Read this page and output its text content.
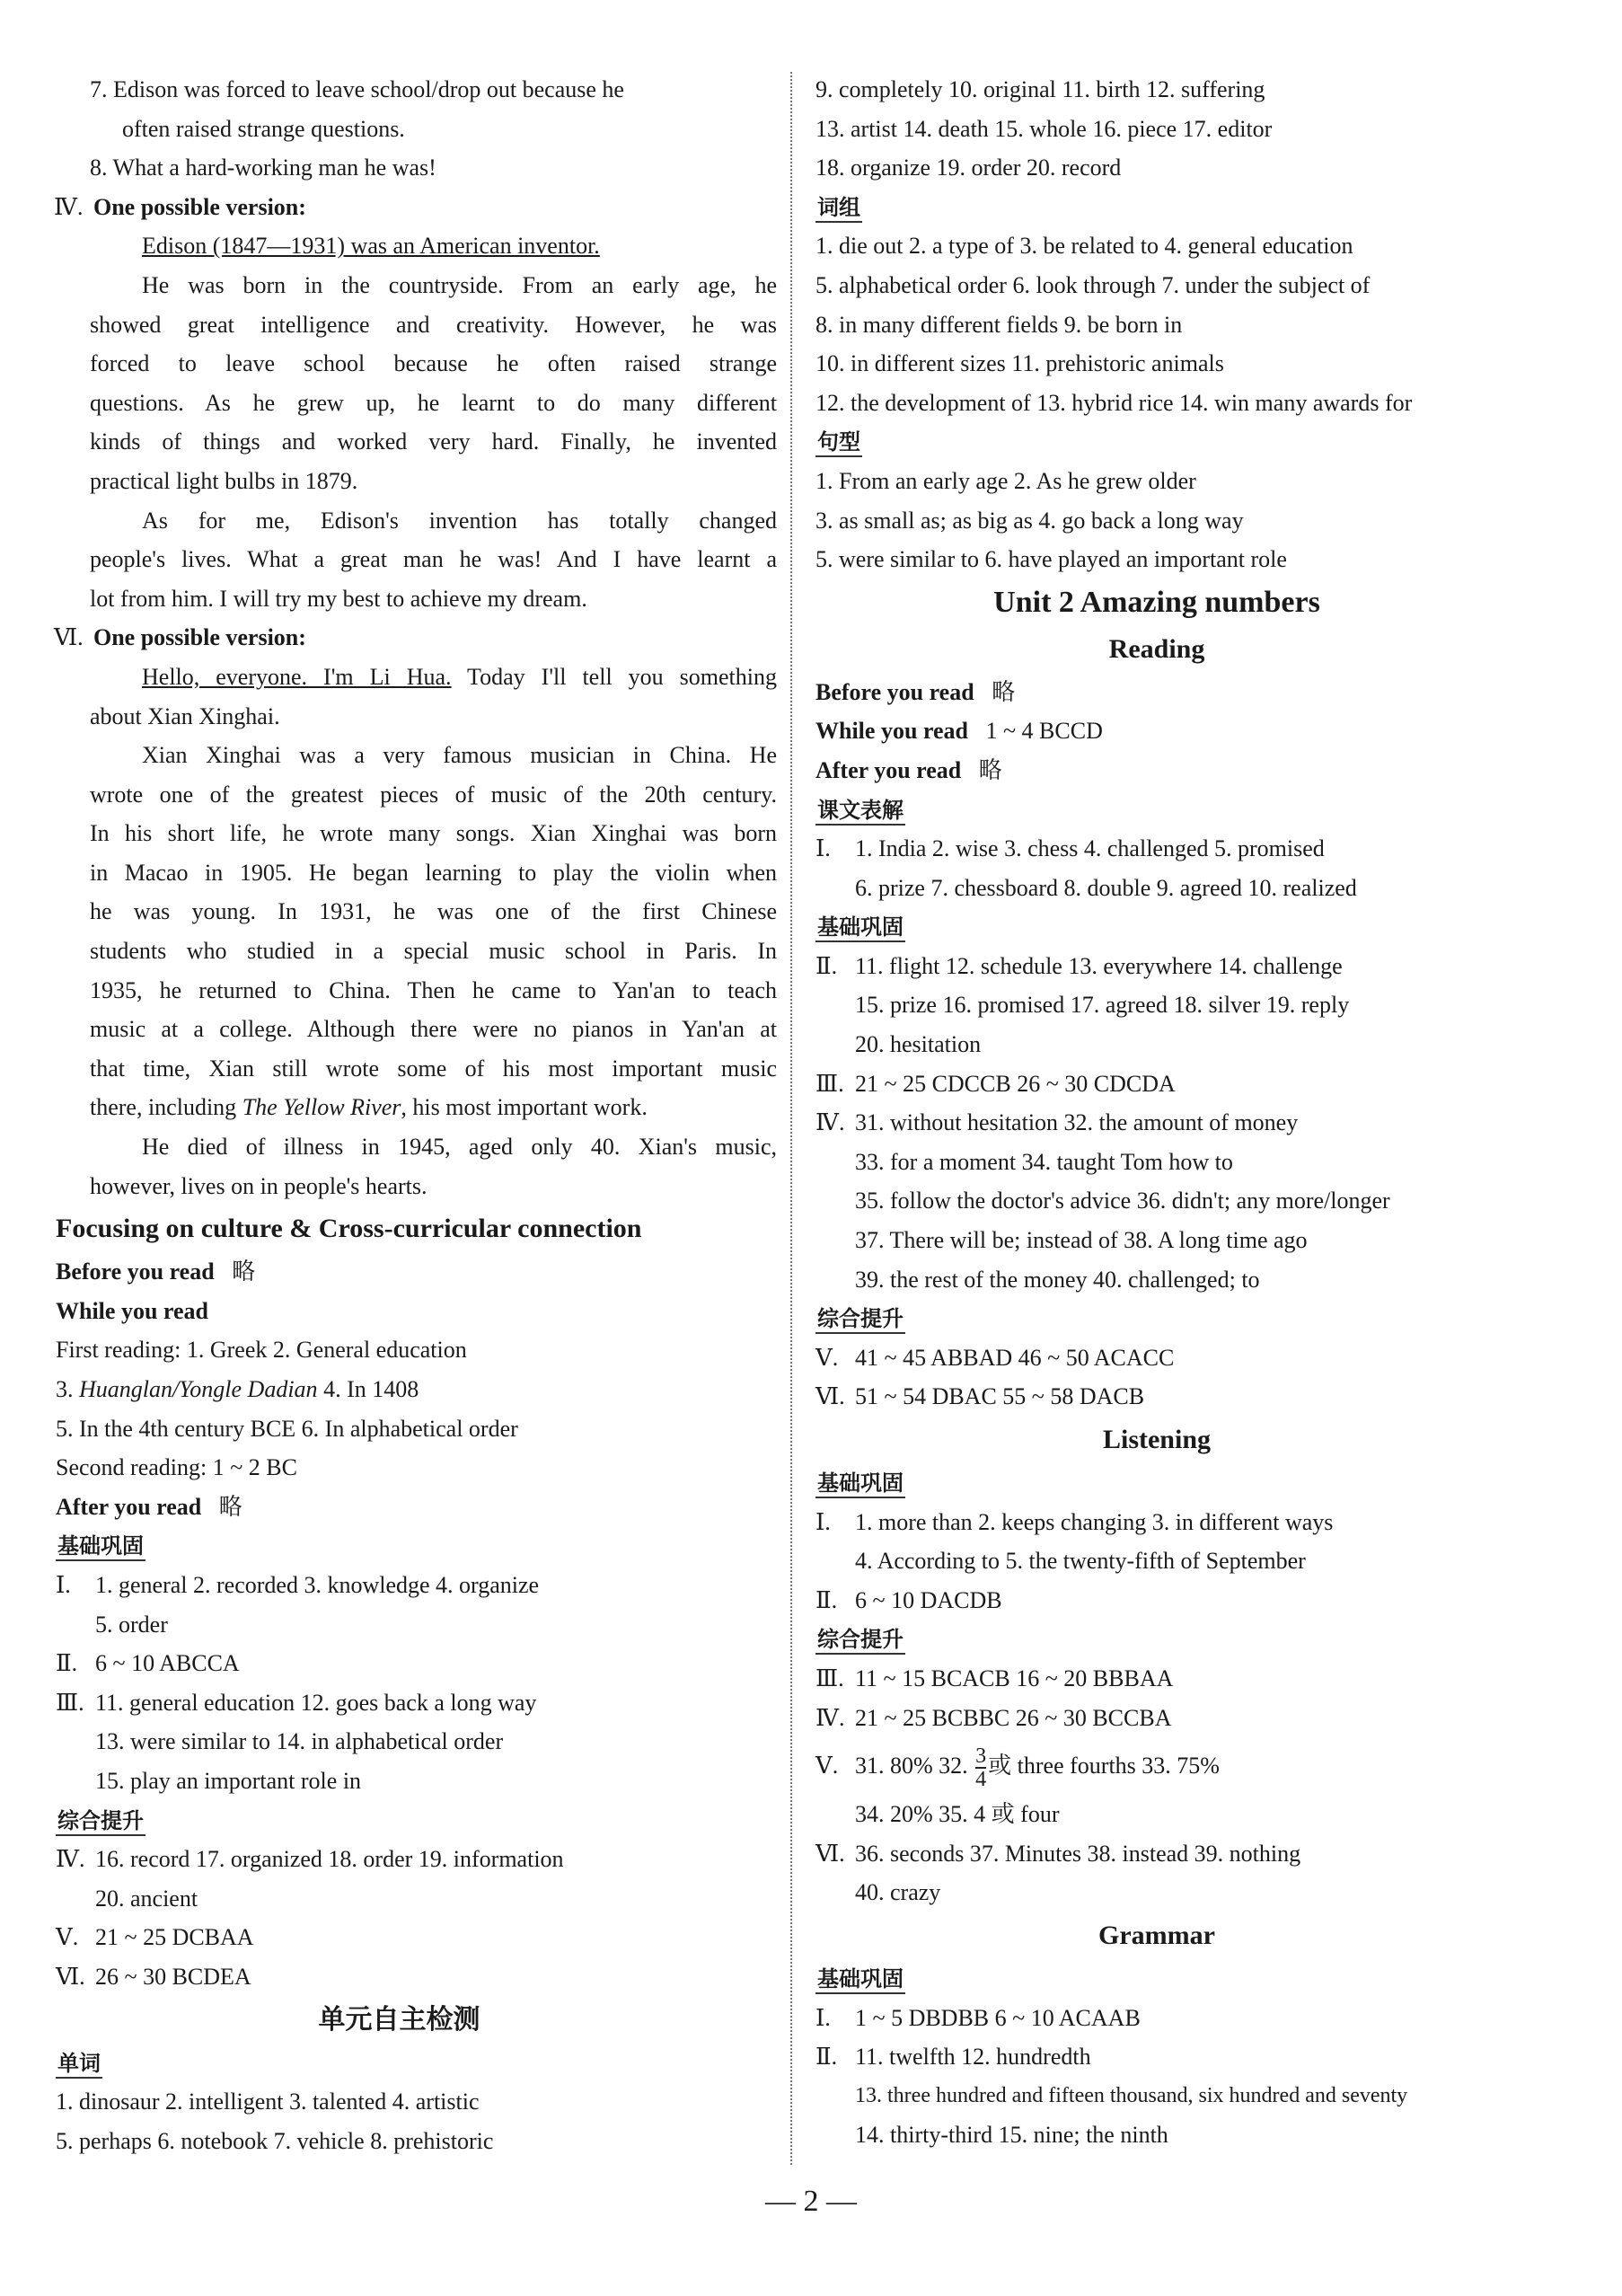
7. Edison was forced to leave school/drop out because he
often raised strange questions.
8. What a hard-working man he was!
Ⅳ. One possible version:
Edison (1847—1931) was an American inventor.
He was born in the countryside. From an early age, he
showed great intelligence and creativity. However, he was
forced to leave school because he often raised strange
questions. As he grew up, he learnt to do many different
kinds of things and worked very hard. Finally, he invented
practical light bulbs in 1879.
As for me, Edison's invention has totally changed
people's lives. What a great man he was! And I have learnt a
lot from him. I will try my best to achieve my dream.
Ⅵ. One possible version:
Hello, everyone. I'm Li Hua. Today I'll tell you something
about Xian Xinghai.
Xian Xinghai was a very famous musician in China. He
wrote one of the greatest pieces of music of the 20th century.
In his short life, he wrote many songs. Xian Xinghai was born
in Macao in 1905. He began learning to play the violin when
he was young. In 1931, he was one of the first Chinese
students who studied in a special music school in Paris. In
1935, he returned to China. Then he came to Yan'an to teach
music at a college. Although there were no pianos in Yan'an at
that time, Xian still wrote some of his most important music
there, including The Yellow River, his most important work.
He died of illness in 1945, aged only 40. Xian's music,
however, lives on in people's hearts.
Focusing on culture & Cross-curricular connection
Before you read 略
While you read
First reading: 1. Greek 2. General education
3. Huanglan/Yongle Dadian 4. In 1408
5. In the 4th century BCE 6. In alphabetical order
Second reading: 1 ~ 2 BC
After you read 略
基础巩固
Ⅰ. 1. general 2. recorded 3. knowledge 4. organize
5. order
Ⅱ. 6 ~ 10 ABCCA
Ⅲ. 11. general education 12. goes back a long way
13. were similar to 14. in alphabetical order
15. play an important role in
综合提升
Ⅳ. 16. record 17. organized 18. order 19. information
20. ancient
Ⅴ. 21 ~ 25 DCBAA
Ⅵ. 26 ~ 30 BCDEA
单元自主检测
单词
1. dinosaur 2. intelligent 3. talented 4. artistic
5. perhaps 6. notebook 7. vehicle 8. prehistoric
9. completely 10. original 11. birth 12. suffering
13. artist 14. death 15. whole 16. piece 17. editor
18. organize 19. order 20. record
词组
1. die out 2. a type of 3. be related to 4. general education
5. alphabetical order 6. look through 7. under the subject of
8. in many different fields 9. be born in
10. in different sizes 11. prehistoric animals
12. the development of 13. hybrid rice 14. win many awards for
句型
1. From an early age 2. As he grew older
3. as small as; as big as 4. go back a long way
5. were similar to 6. have played an important role
Unit 2 Amazing numbers
Reading
Before you read 略
While you read 1 ~ 4 BCCD
After you read 略
课文表解
Ⅰ. 1. India 2. wise 3. chess 4. challenged 5. promised
6. prize 7. chessboard 8. double 9. agreed 10. realized
基础巩固
Ⅱ. 11. flight 12. schedule 13. everywhere 14. challenge
15. prize 16. promised 17. agreed 18. silver 19. reply
20. hesitation
Ⅲ. 21 ~ 25 CDCCB 26 ~ 30 CDCDA
Ⅳ. 31. without hesitation 32. the amount of money
33. for a moment 34. taught Tom how to
35. follow the doctor's advice 36. didn't; any more/longer
37. There will be; instead of 38. A long time ago
39. the rest of the money 40. challenged; to
综合提升
Ⅴ. 41 ~ 45 ABBAD 46 ~ 50 ACACC
Ⅵ. 51 ~ 54 DBAC 55 ~ 58 DACB
Listening
基础巩固
Ⅰ. 1. more than 2. keeps changing 3. in different ways
4. According to 5. the twenty-fifth of September
Ⅱ. 6 ~ 10 DACDB
综合提升
Ⅲ. 11 ~ 15 BCACB 16 ~ 20 BBBAA
Ⅳ. 21 ~ 25 BCBBC 26 ~ 30 BCCBA
Ⅴ. 31. 80% 32. $\frac{3}{4}$ 或 three fourths 33. 75%
34. 20% 35. 4 或 four
Ⅵ. 36. seconds 37. Minutes 38. instead 39. nothing
40. crazy
Grammar
基础巩固
Ⅰ. 1 ~ 5 DBDBB 6 ~ 10 ACAAB
Ⅱ. 11. twelfth 12. hundredth
13. three hundred and fifteen thousand, six hundred and seventy
14. thirty-third 15. nine; the ninth
— 2 —
